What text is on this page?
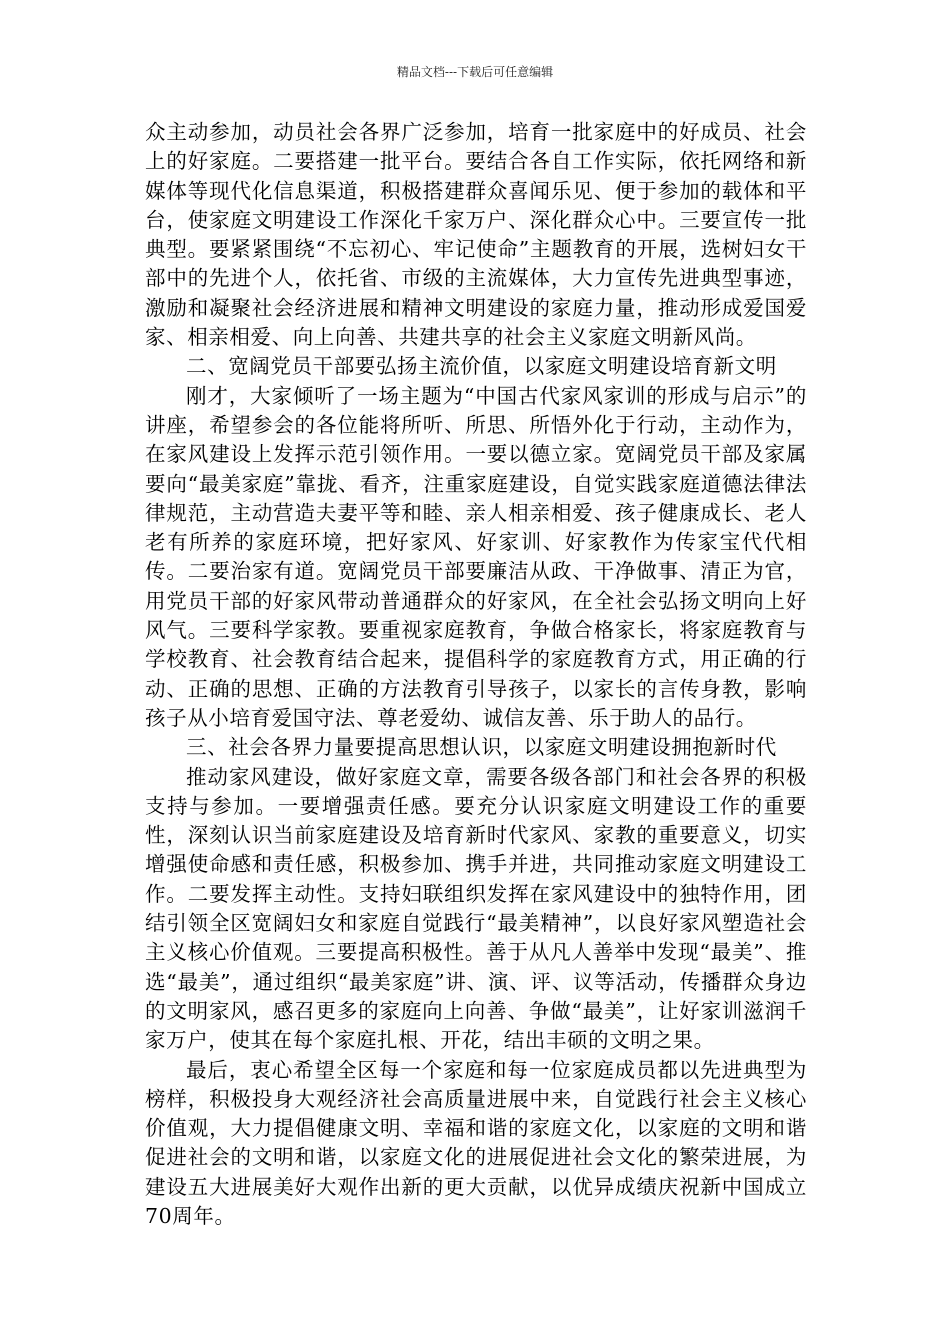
精品文档---下载后可任意编辑

众主动参加，动员社会各界广泛参加，培育一批家庭中的好成员、社会上的好家庭。二要搭建一批平台。要结合各自工作实际，依托网络和新媒体等现代化信息渠道，积极搭建群众喜闻乐见、便于参加的载体和平台，使家庭文明建设工作深化千家万户、深化群众心中。三要宣传一批典型。要紧紧围绕“不忘初心、牢记使命”主题教育的开展，选树妇女干部中的先进个人，依托省、市级的主流媒体，大力宣传先进典型事迹，激励和凝聚社会经济进展和精神文明建设的家庭力量，推动形成爱国爱家、相亲相爱、向上向善、共建共享的社会主义家庭文明新风尚。

二、宽阔党员干部要弘扬主流价值，以家庭文明建设培育新文明

刚才，大家倾听了一场主题为“中国古代家风家训的形成与启示”的讲座，希望参会的各位能将所听、所思、所悟外化于行动，主动作为，在家风建设上发挥示范引领作用。一要以德立家。宽阔党员干部及家属要向“最美家庭”靠拢、看齐，注重家庭建设，自觉实践家庭道德法律法律规范，主动营造夫妻平等和睦、亲人相亲相爱、孩子健康成长、老人老有所养的家庭环境，把好家风、好家训、好家教作为传家宝代代相传。二要治家有道。宽阔党员干部要廉洁从政、干净做事、清正为官，用党员干部的好家风带动普通群众的好家风，在全社会弘扬文明向上好风气。三要科学家教。要重视家庭教育，争做合格家长，将家庭教育与学校教育、社会教育结合起来，提倡科学的家庭教育方式，用正确的行动、正确的思想、正确的方法教育引导孩子，以家长的言传身教，影响孩子从小培育爱国守法、尊老爱幼、诚信友善、乐于助人的品行。

三、社会各界力量要提高思想认识，以家庭文明建设拥抱新时代

推动家风建设，做好家庭文章，需要各级各部门和社会各界的积极支持与参加。一要增强责任感。要充分认识家庭文明建设工作的重要性，深刻认识当前家庭建设及培育新时代家风、家教的重要意义，切实增强使命感和责任感，积极参加、携手并进，共同推动家庭文明建设工作。二要发挥主动性。支持妇联组织发挥在家风建设中的独特作用，团结引领全区宽阔妇女和家庭自觉践行“最美精神”，以良好家风塑造社会主义核心价值观。三要提高积极性。善于从凡人善举中发现“最美”、推选“最美”，通过组织“最美家庭”讲、演、评、议等活动，传播群众身边的文明家风，感召更多的家庭向上向善、争做“最美”，让好家训滋润千家万户，使其在每个家庭扎根、开花，结出丰硕的文明之果。

最后，衷心希望全区每一个家庭和每一位家庭成员都以先进典型为榜样，积极投身大观经济社会高质量进展中来，自觉践行社会主义核心价值观，大力提倡健康文明、幸福和谐的家庭文化，以家庭的文明和谐促进社会的文明和谐，以家庭文化的进展促进社会文化的繁荣进展，为建设五大进展美好大观作出新的更大贡献，以优异成绩庆祝新中国成立70周年。
